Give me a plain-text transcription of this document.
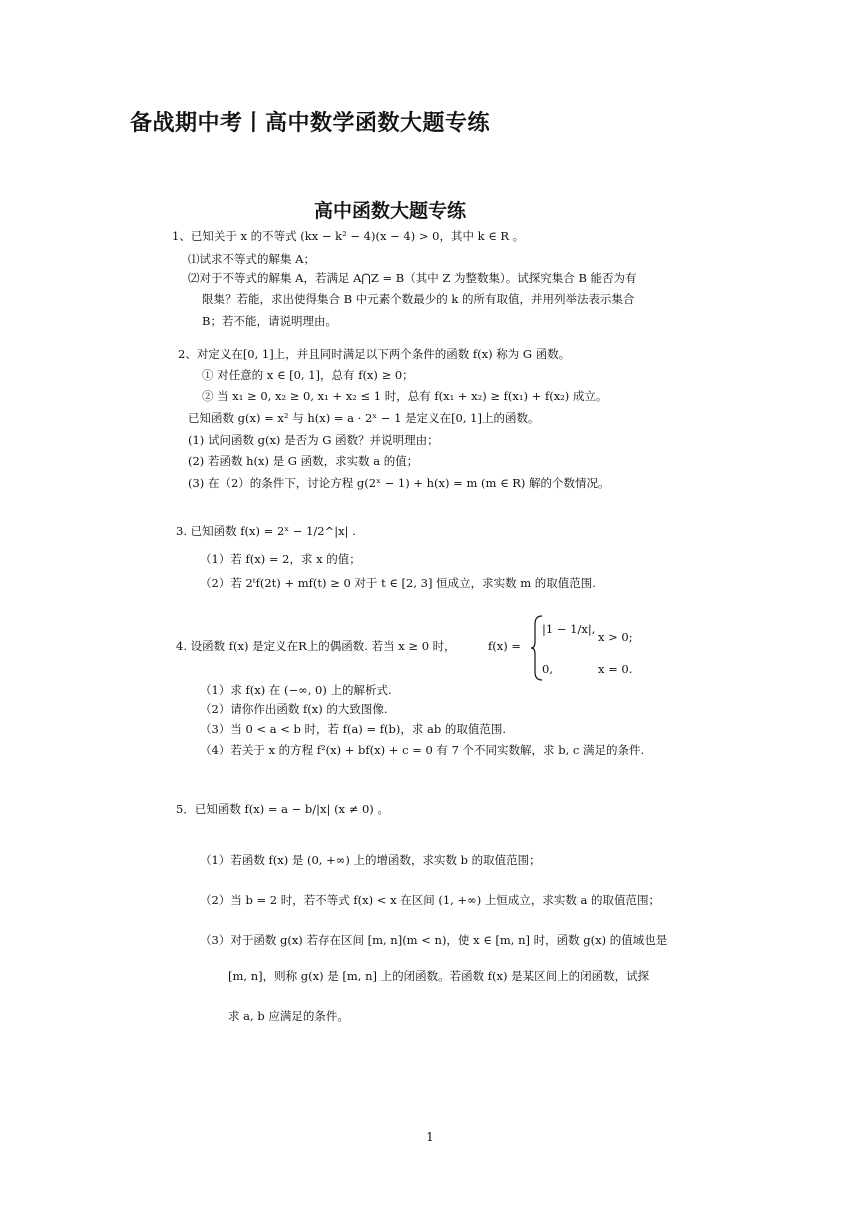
备战期中考丨高中数学函数大题专练
高中函数大题专练
1、已知关于 x 的不等式 (kx − k² − 4)(x − 4) > 0，其中 k ∈ R 。
⑴试求不等式的解集 A；
⑵对于不等式的解集 A，若满足 A⋂Z = B（其中 Z 为整数集）。试探究集合 B 能否为有
限集？若能，求出使得集合 B 中元素个数最少的 k 的所有取值，并用列举法表示集合
B；若不能，请说明理由。
2、对定义在[0, 1]上，并且同时满足以下两个条件的函数 f(x) 称为 G 函数。
① 对任意的 x ∈ [0, 1]，总有 f(x) ≥ 0；
② 当 x₁ ≥ 0, x₂ ≥ 0, x₁ + x₂ ≤ 1 时，总有 f(x₁ + x₂) ≥ f(x₁) + f(x₂) 成立。
已知函数 g(x) = x² 与 h(x) = a · 2ˣ − 1 是定义在[0, 1]上的函数。
(1) 试问函数 g(x) 是否为 G 函数？并说明理由；
(2) 若函数 h(x) 是 G 函数，求实数 a 的值；
(3) 在（2）的条件下，讨论方程 g(2ˣ − 1) + h(x) = m (m ∈ R) 解的个数情况。
3. 已知函数 f(x) = 2ˣ − 1/2^|x| .
（1）若 f(x) = 2，求 x 的值；
（2）若 2ᵗf(2t) + mf(t) ≥ 0 对于 t ∈ [2, 3] 恒成立，求实数 m 的取值范围.
4. 设函数 f(x) 是定义在R上的偶函数. 若当 x ≥ 0 时，	f(x) =
（1）求 f(x) 在 (−∞, 0) 上的解析式.
（2）请你作出函数 f(x) 的大致图像.
（3）当 0 < a < b 时，若 f(a) = f(b)，求 ab 的取值范围.
（4）若关于 x 的方程 f²(x) + bf(x) + c = 0 有 7 个不同实数解，求 b, c 满足的条件.
5．已知函数 f(x) = a − b/|x| (x ≠ 0) 。
（1）若函数 f(x) 是 (0, +∞) 上的增函数，求实数 b 的取值范围；
（2）当 b = 2 时，若不等式 f(x) < x 在区间 (1, +∞) 上恒成立，求实数 a 的取值范围；
（3）对于函数 g(x) 若存在区间 [m, n](m < n)，使 x ∈ [m, n] 时，函数 g(x) 的值域也是
[m, n]，则称 g(x) 是 [m, n] 上的闭函数。若函数 f(x) 是某区间上的闭函数，试探
求 a, b 应满足的条件。
|1 − 1/x|,
x > 0;
0,	x = 0.
1
